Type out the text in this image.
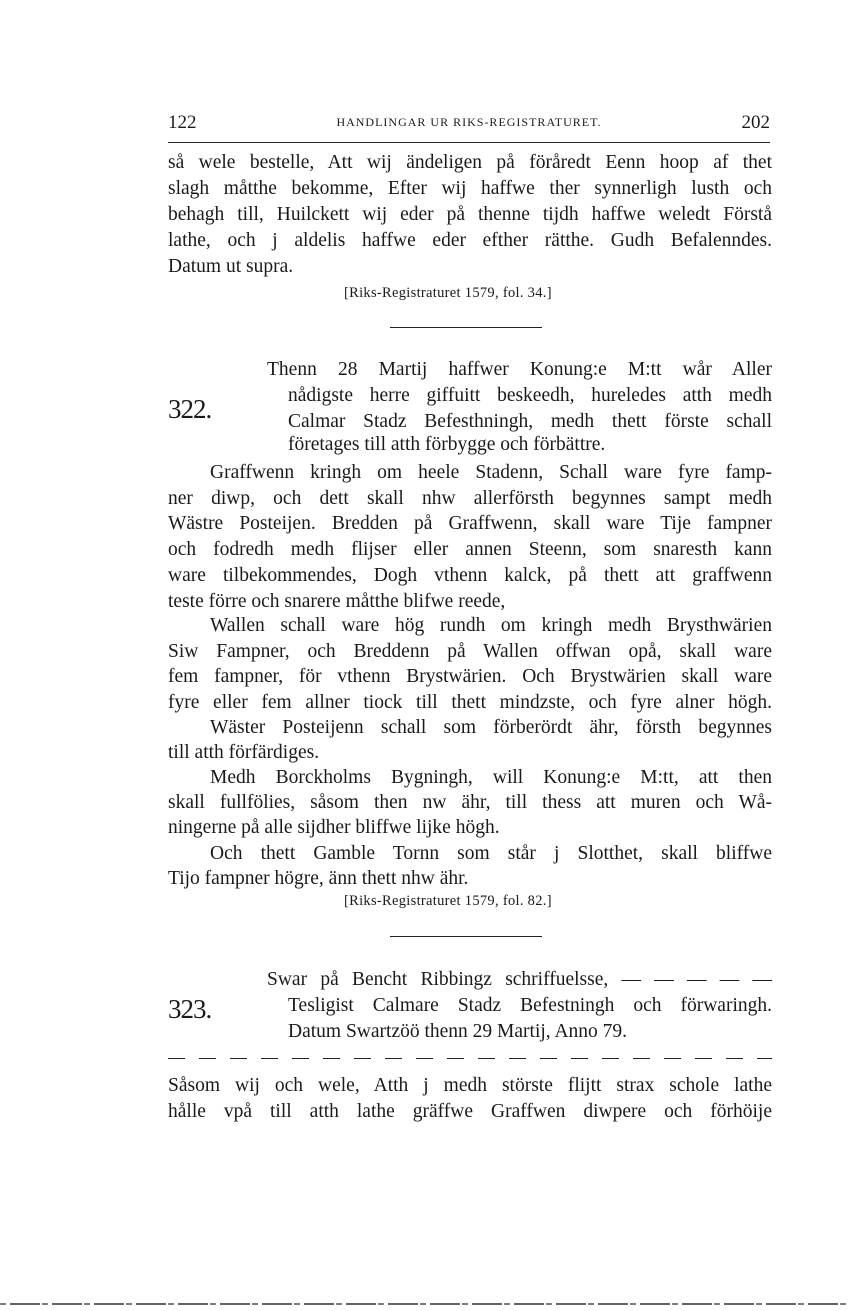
122	HANDLINGAR UR RIKS-REGISTRATURET.	202
så wele bestelle, Att wij ändeligen på föråredt Eenn hoop af thet
slagh måtthe bekomme, Efter wij haffwe ther synnerligh lusth och
behagh till, Huilckett wij eder på thenne tijdh haffwe weledt Förstå
lathe, och j aldelis haffwe eder efther rätthe. Gudh Befalenndes.
Datum ut supra.
[Riks-Registraturet 1579, fol. 34.]
322.
Thenn 28 Martij haffwer Konung:e M:tt wår Aller
nådigste herre giffuitt beskeedh, hureledes atth medh
Calmar Stadz Befesthningh, medh thett förste schall
företages till atth förbygge och förbättre.
Graffwenn kringh om heele Stadenn, Schall ware fyre famp-
ner diwp, och dett skall nhw allerförsth begynnes sampt medh
Wästre Posteijen. Bredden på Graffwenn, skall ware Tije fampner
och fodredh medh flijser eller annen Steenn, som snaresth kann
ware tilbekommendes, Dogh vthenn kalck, på thett att graffwenn
teste förre och snarere måtthe blifwe reede,
Wallen schall ware hög rundh om kringh medh Brysthwärien
Siw Fampner, och Breddenn på Wallen offwan opå, skall ware
fem fampner, för vthenn Brystwärien. Och Brystwärien skall ware
fyre eller fem allner tiock till thett mindzste, och fyre alner högh.
Wäster Posteijenn schall som förberördt ähr, försth begynnes
till atth förfärdiges.
Medh Borckholms Bygningh, will Konung:e M:tt, att then
skall fullfölies, såsom then nw ähr, till thess att muren och Wå-
ningerne på alle sijdher bliffwe lijke högh.
Och thett Gamble Tornn som står j Slotthet, skall bliffwe
Tijo fampner högre, änn thett nhw ähr.
[Riks-Registraturet 1579, fol. 82.]
323.
Swar på Bencht Ribbingz schriffuelsse, — — — — —
Tesligist Calmare Stadz Befestningh och förwaringh.
Datum Swartzöö thenn 29 Martij, Anno 79.
Såsom wij och wele, Atth j medh störste flijtt strax schole lathe
hålle vpå till atth lathe gräffwe Graffwen diwpere och förhöije
